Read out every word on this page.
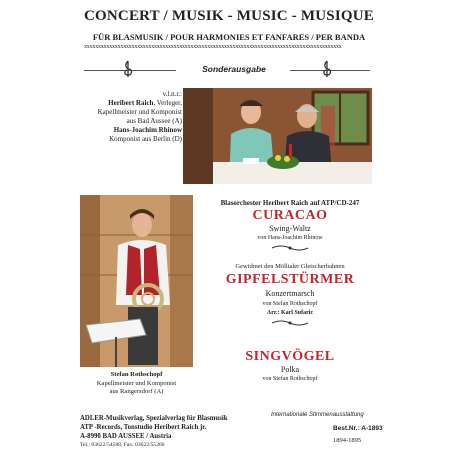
CONCERT / MUSIK - MUSIC - MUSIQUE
FÜR BLASMUSIK / POUR HARMONIES ET FANFARES / PER BANDA
xxxxxxxxxxxxxxxxxxxxxxxxxxxxxxxxxxxxxxxxxxxxxxxxxxxxxxxxxxxxxxxxxxxxxxxxxxxxxxxxxxxxxxxxxxxx
Sonderausgabe
v.l.n.r.:
Heribert Raich, Verleger, Kapellmeister und Komponist aus Bad Aussee (A)
Hans-Joachim Rhinow
Komponist aus Berlin (D)
Blasorchester Heribert Raich auf ATP/CD-247
CURACAO
Swing-Waltz
von Hans-Joachim Rhinow
Gewidmet den Mölltaler Gletscherbahnen
GIPFELSTÜRMER
Konzertmarsch
von Stefan Rothschopf
Arr.: Karl Sufaric
SINGVÖGEL
Polka
von Stefan Rothschopf
Stefan Rothschopf
Kapellmeister und Komponist
aus Rangersdorf (A)
ADLER-Musikverlag, Spezialverlag für Blasmusik
ATP -Records, Tonstudio Heribert Raich jr.
A-8990 BAD AUSSEE / Austria
Tel.: 03622/54588, Fax: 03622/55266
Internationale Stimmenausstattung
Best.Nr.: A-1893
1894-1895
